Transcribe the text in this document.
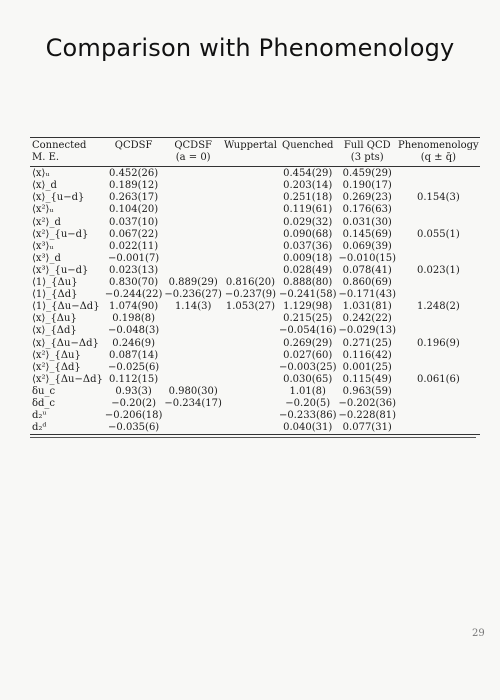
Comparison with Phenomenology
Connected	QCDSF	QCDSF	Wuppertal	Quenched	Full QCD	Phenomenology
M. E.		(a = 0)			(3 pts)	(q ± q̄)
⟨x⟩ᵤ	0.452(26)			0.454(29)	0.459(29)	
⟨x⟩_d	0.189(12)			0.203(14)	0.190(17)	
⟨x⟩_{u−d}	0.263(17)			0.251(18)	0.269(23)	0.154(3)
⟨x²⟩ᵤ	0.104(20)			0.119(61)	0.176(63)	
⟨x²⟩_d	0.037(10)			0.029(32)	0.031(30)	
⟨x²⟩_{u−d}	0.067(22)			0.090(68)	0.145(69)	0.055(1)
⟨x³⟩ᵤ	0.022(11)			0.037(36)	0.069(39)	
⟨x³⟩_d	−0.001(7)			0.009(18)	−0.010(15)	
⟨x³⟩_{u−d}	0.023(13)			0.028(49)	0.078(41)	0.023(1)
⟨1⟩_{Δu}	0.830(70)	0.889(29)	0.816(20)	0.888(80)	0.860(69)	
⟨1⟩_{Δd}	−0.244(22)	−0.236(27)	−0.237(9)	−0.241(58)	−0.171(43)	
⟨1⟩_{Δu−Δd}	1.074(90)	1.14(3)	1.053(27)	1.129(98)	1.031(81)	1.248(2)
⟨x⟩_{Δu}	0.198(8)			0.215(25)	0.242(22)	
⟨x⟩_{Δd}	−0.048(3)			−0.054(16)	−0.029(13)	
⟨x⟩_{Δu−Δd}	0.246(9)			0.269(29)	0.271(25)	0.196(9)
⟨x²⟩_{Δu}	0.087(14)			0.027(60)	0.116(42)	
⟨x²⟩_{Δd}	−0.025(6)			−0.003(25)	0.001(25)	
⟨x²⟩_{Δu−Δd}	0.112(15)			0.030(65)	0.115(49)	0.061(6)
δu_c	0.93(3)	0.980(30)		1.01(8)	0.963(59)	
δd_c	−0.20(2)	−0.234(17)		−0.20(5)	−0.202(36)	
d₂ᵘ	−0.206(18)			−0.233(86)	−0.228(81)	
d₂ᵈ	−0.035(6)			0.040(31)	0.077(31)	
29
